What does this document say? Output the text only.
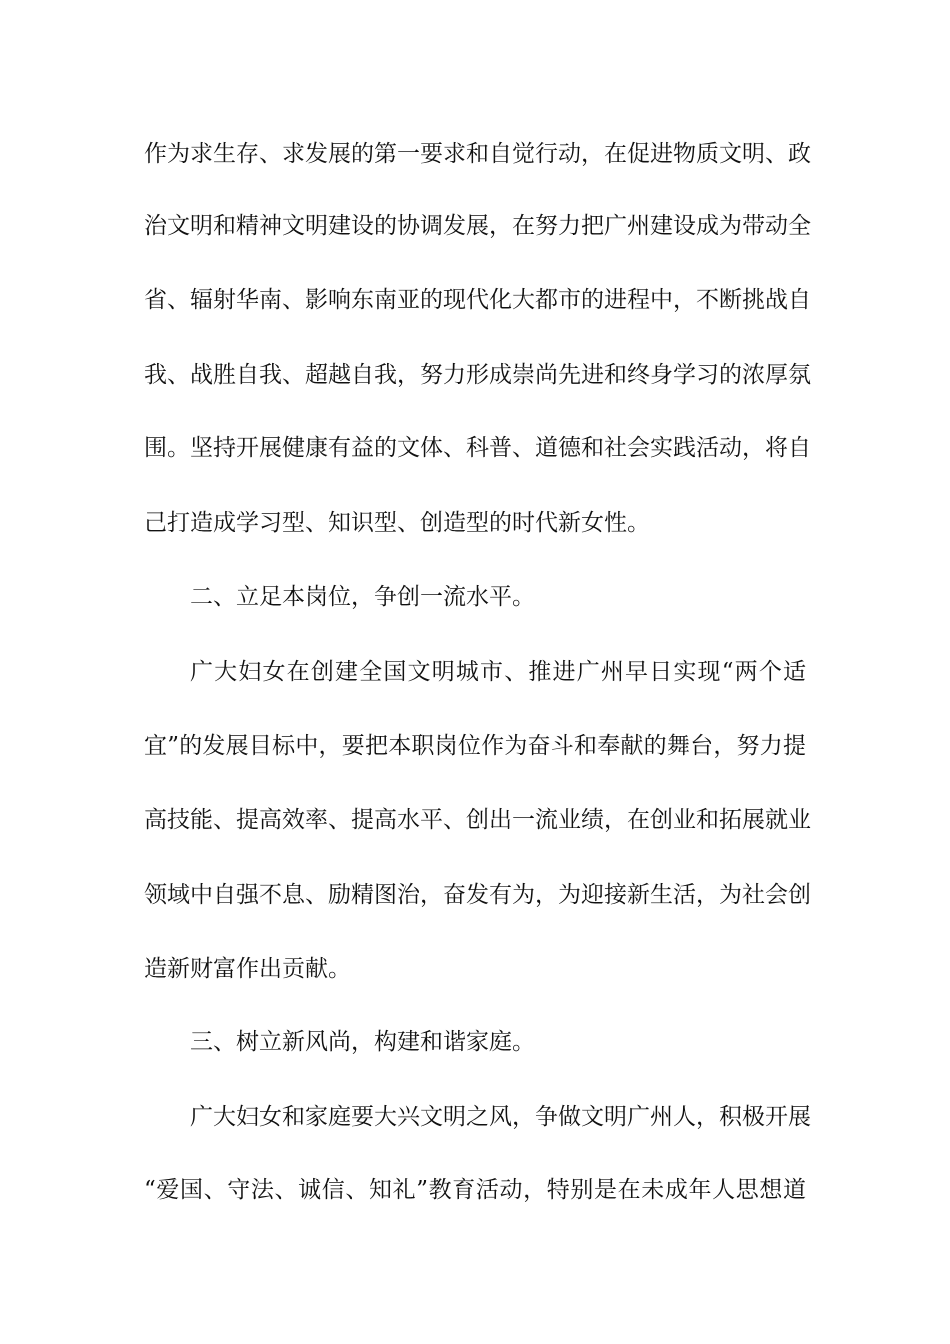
作为求生存、求发展的第一要求和自觉行动，在促进物质文明、政
治文明和精神文明建设的协调发展，在努力把广州建设成为带动全
省、辐射华南、影响东南亚的现代化大都市的进程中，不断挑战自
我、战胜自我、超越自我，努力形成崇尚先进和终身学习的浓厚氛
围。坚持开展健康有益的文体、科普、道德和社会实践活动，将自
己打造成学习型、知识型、创造型的时代新女性。
二、立足本岗位，争创一流水平。
广大妇女在创建全国文明城市、推进广州早日实现“两个适
宜”的发展目标中，要把本职岗位作为奋斗和奉献的舞台，努力提
高技能、提高效率、提高水平、创出一流业绩，在创业和拓展就业
领域中自强不息、励精图治，奋发有为，为迎接新生活，为社会创
造新财富作出贡献。
三、树立新风尚，构建和谐家庭。
广大妇女和家庭要大兴文明之风，争做文明广州人，积极开展
“爱国、守法、诚信、知礼”教育活动，特别是在未成年人思想道
